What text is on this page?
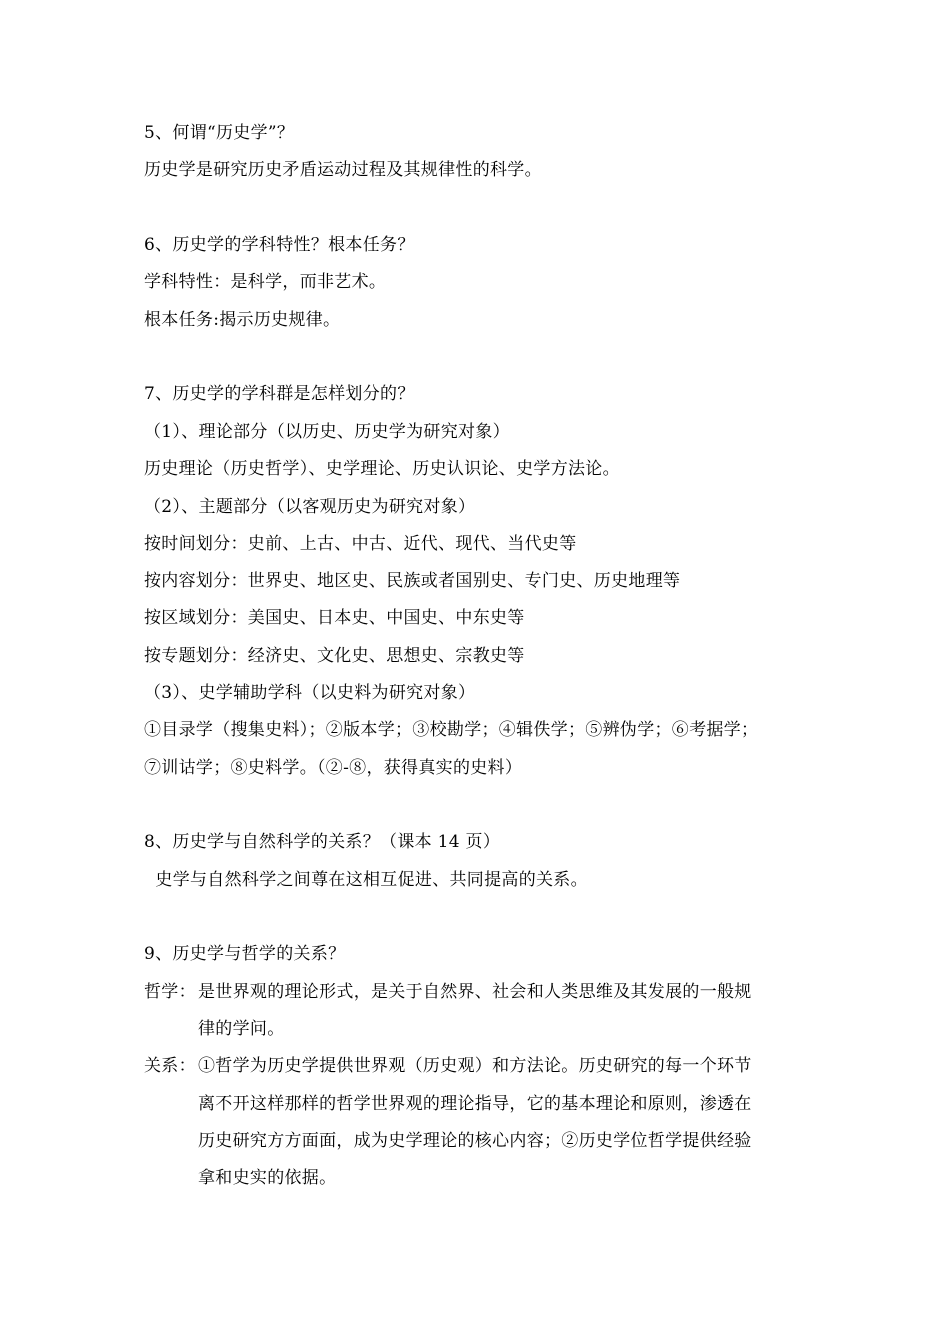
5、何谓“历史学”？
历史学是研究历史矛盾运动过程及其规律性的科学。
6、历史学的学科特性？根本任务？
学科特性：是科学，而非艺术。
根本任务:揭示历史规律。
7、历史学的学科群是怎样划分的？
（1）、理论部分（以历史、历史学为研究对象）
历史理论（历史哲学）、史学理论、历史认识论、史学方法论。
（2）、主题部分（以客观历史为研究对象）
按时间划分：史前、上古、中古、近代、现代、当代史等
按内容划分：世界史、地区史、民族或者国别史、专门史、历史地理等
按区域划分：美国史、日本史、中国史、中东史等
按专题划分：经济史、文化史、思想史、宗教史等
（3）、史学辅助学科（以史料为研究对象）
①目录学（搜集史料）；②版本学；③校勘学；④辑佚学；⑤辨伪学；⑥考据学；
⑦训诂学；⑧史料学。（②-⑧，获得真实的史料）
8、历史学与自然科学的关系？（课本 14 页）
史学与自然科学之间尊在这相互促进、共同提高的关系。
9、历史学与哲学的关系？
哲学： 是世界观的理论形式，是关于自然界、社会和人类思维及其发展的一般规
律的学问。
关系： ①哲学为历史学提供世界观（历史观）和方法论。历史研究的每一个环节
离不开这样那样的哲学世界观的理论指导，它的基本理论和原则，渗透在
历史研究方方面面，成为史学理论的核心内容；②历史学位哲学提供经验
拿和史实的依据。
